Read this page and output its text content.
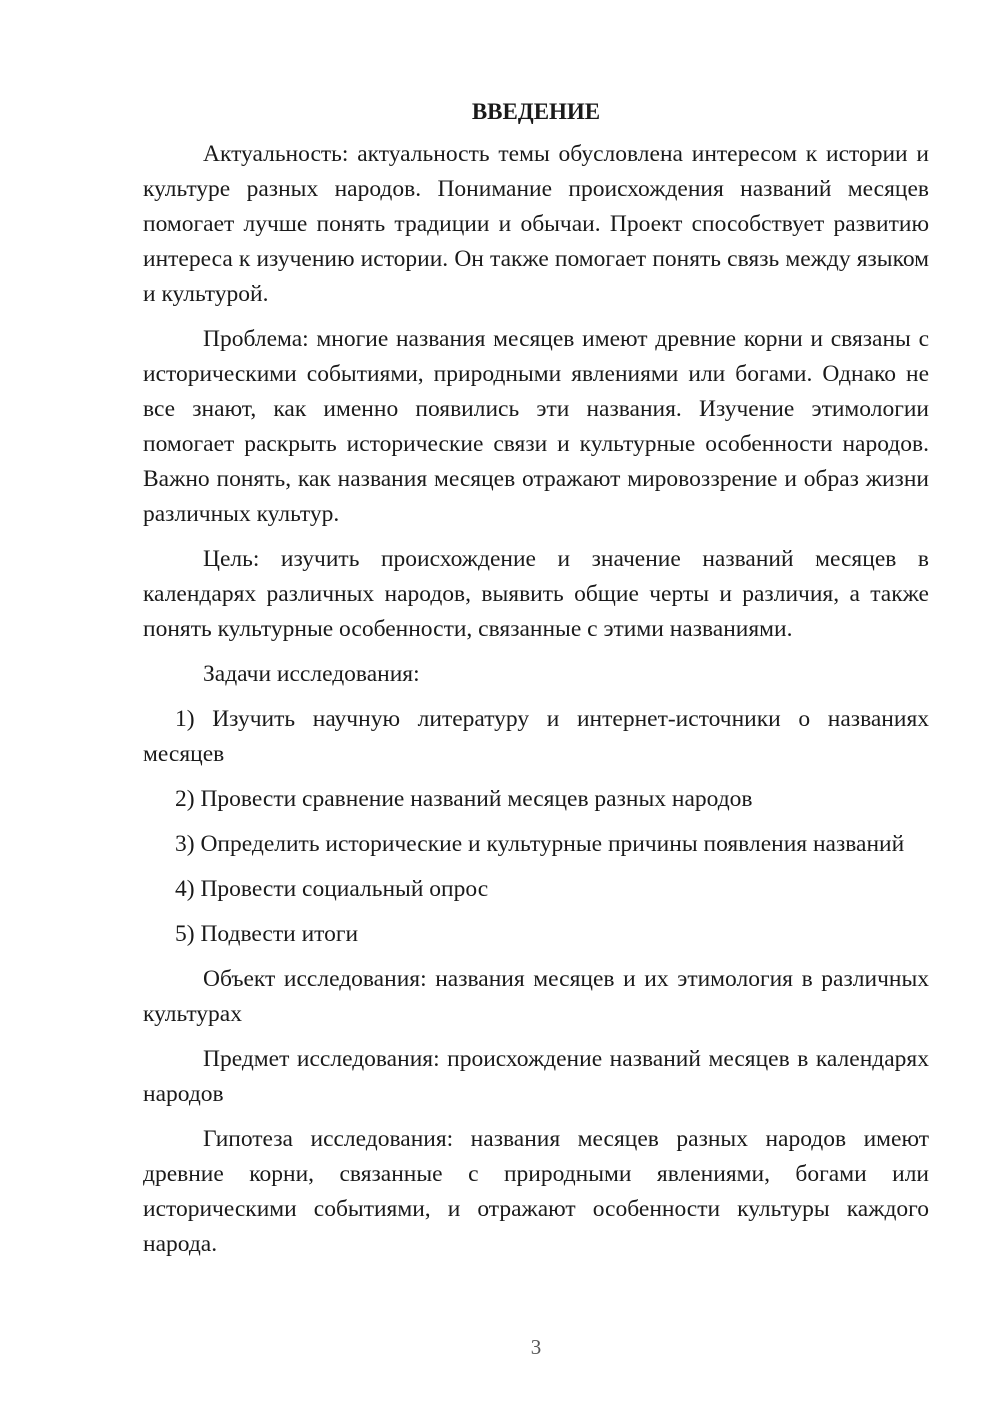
ВВЕДЕНИЕ

Актуальность: актуальность темы обусловлена интересом к истории и культуре разных народов. Понимание происхождения названий месяцев помогает лучше понять традиции и обычаи. Проект способствует развитию интереса к изучению истории. Он также помогает понять связь между языком и культурой.

Проблема: многие названия месяцев имеют древние корни и связаны с историческими событиями, природными явлениями или богами. Однако не все знают, как именно появились эти названия. Изучение этимологии помогает раскрыть исторические связи и культурные особенности народов. Важно понять, как названия месяцев отражают мировоззрение и образ жизни различных культур.

Цель: изучить происхождение и значение названий месяцев в календарях различных народов, выявить общие черты и различия, а также понять культурные особенности, связанные с этими названиями.

Задачи исследования:

1) Изучить научную литературу и интернет-источники о названиях месяцев

2) Провести сравнение названий месяцев разных народов

3) Определить исторические и культурные причины появления названий

4) Провести социальный опрос

5) Подвести итоги

Объект исследования: названия месяцев и их этимология в различных культурах

Предмет исследования: происхождение названий месяцев в календарях народов

Гипотеза исследования: названия месяцев разных народов имеют древние корни, связанные с природными явлениями, богами или историческими событиями, и отражают особенности культуры каждого народа.

3
